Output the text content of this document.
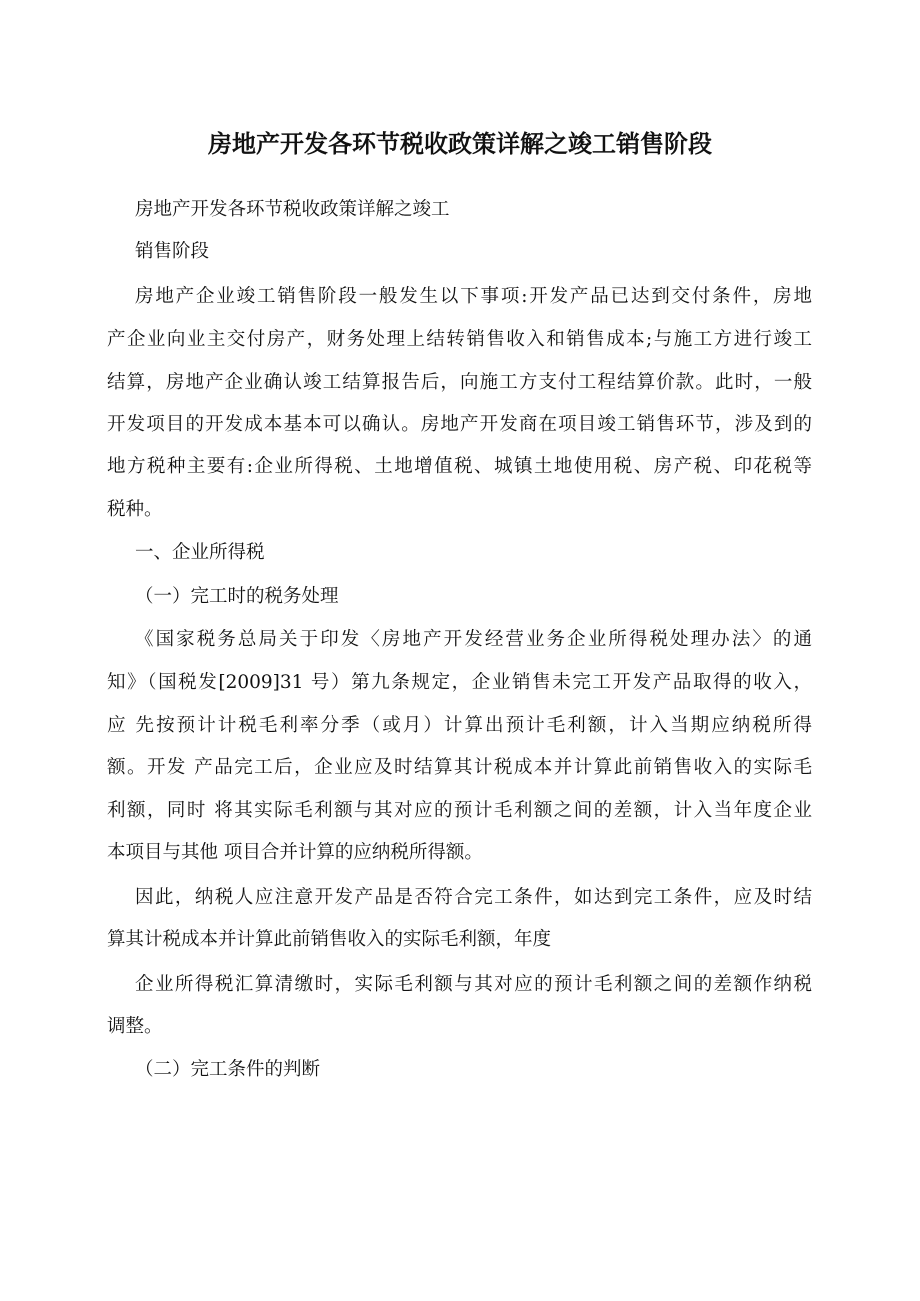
房地产开发各环节税收政策详解之竣工销售阶段
房地产开发各环节税收政策详解之竣工
销售阶段
房地产企业竣工销售阶段一般发生以下事项:开发产品已达到交付条件，房地
产企业向业主交付房产，财务处理上结转销售收入和销售成本;与施工方进行竣工
结算，房地产企业确认竣工结算报告后，向施工方支付工程结算价款。此时，一般
开发项目的开发成本基本可以确认。房地产开发商在项目竣工销售环节，涉及到的
地方税种主要有:企业所得税、土地增值税、城镇土地使用税、房产税、印花税等
税种。
一、企业所得税
（一）完工时的税务处理
《国家税务总局关于印发〈房地产开发经营业务企业所得税处理办法〉的通
知》（国税发[2009]31 号）第九条规定，企业销售未完工开发产品取得的收入，
应 先按预计计税毛利率分季（或月）计算出预计毛利额，计入当期应纳税所得
额。开发 产品完工后，企业应及时结算其计税成本并计算此前销售收入的实际毛
利额，同时 将其实际毛利额与其对应的预计毛利额之间的差额，计入当年度企业
本项目与其他 项目合并计算的应纳税所得额。
因此，纳税人应注意开发产品是否符合完工条件，如达到完工条件，应及时结
算其计税成本并计算此前销售收入的实际毛利额，年度
企业所得税汇算清缴时，实际毛利额与其对应的预计毛利额之间的差额作纳税
调整。
（二）完工条件的判断
